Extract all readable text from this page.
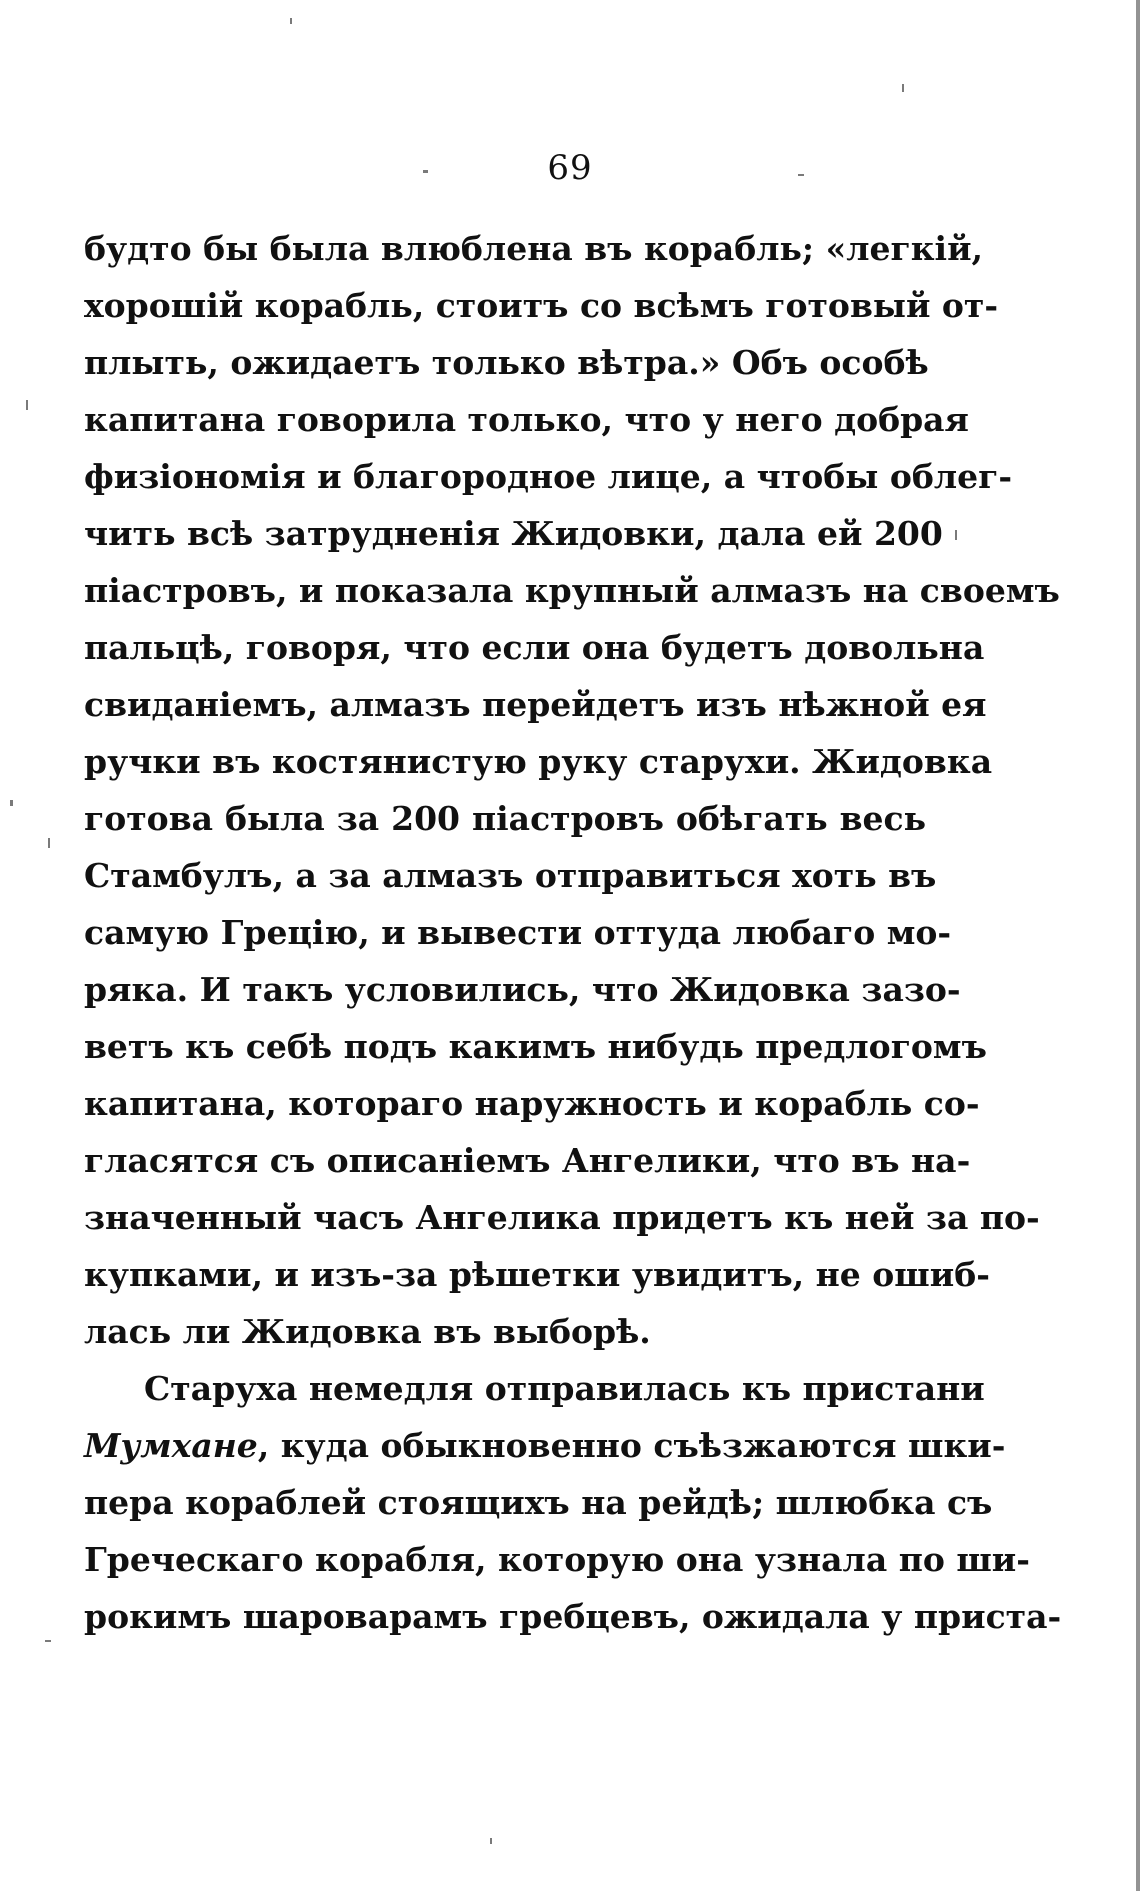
69
будто бы была влюблена въ корабль; «легкій,
хорошій корабль, стоитъ со всѣмъ готовый от-
плыть, ожидаетъ только вѣтра.» Объ особѣ
капитана говорила только, что у него добрая
физіономія и благородное лице, а чтобы облег-
чить всѣ затрудненія Жидовки, дала ей 200
піастровъ, и показала крупный алмазъ на своемъ
пальцѣ, говоря, что если она будетъ довольна
свиданіемъ, алмазъ перейдетъ изъ нѣжной ея
ручки въ костянистую руку старухи. Жидовка
готова была за 200 піастровъ обѣгать весь
Стамбулъ, а за алмазъ отправиться хоть въ
самую Грецію, и вывести оттуда любаго мо-
ряка. И такъ условились, что Жидовка зазо-
ветъ къ себѣ подъ какимъ нибудь предлогомъ
капитана, котораго наружность и корабль со-
гласятся съ описаніемъ Ангелики, что въ на-
значенный часъ Ангелика придетъ къ ней за по-
купками, и изъ-за рѣшетки увидитъ, не ошиб-
лась ли Жидовка въ выборѣ.
Старуха немедля отправилась къ пристани
Мумхане, куда обыкновенно съѣзжаются шки-
пера кораблей стоящихъ на рейдѣ; шлюбка съ
Греческаго корабля, которую она узнала по ши-
рокимъ шароварамъ гребцевъ, ожидала у приста-
